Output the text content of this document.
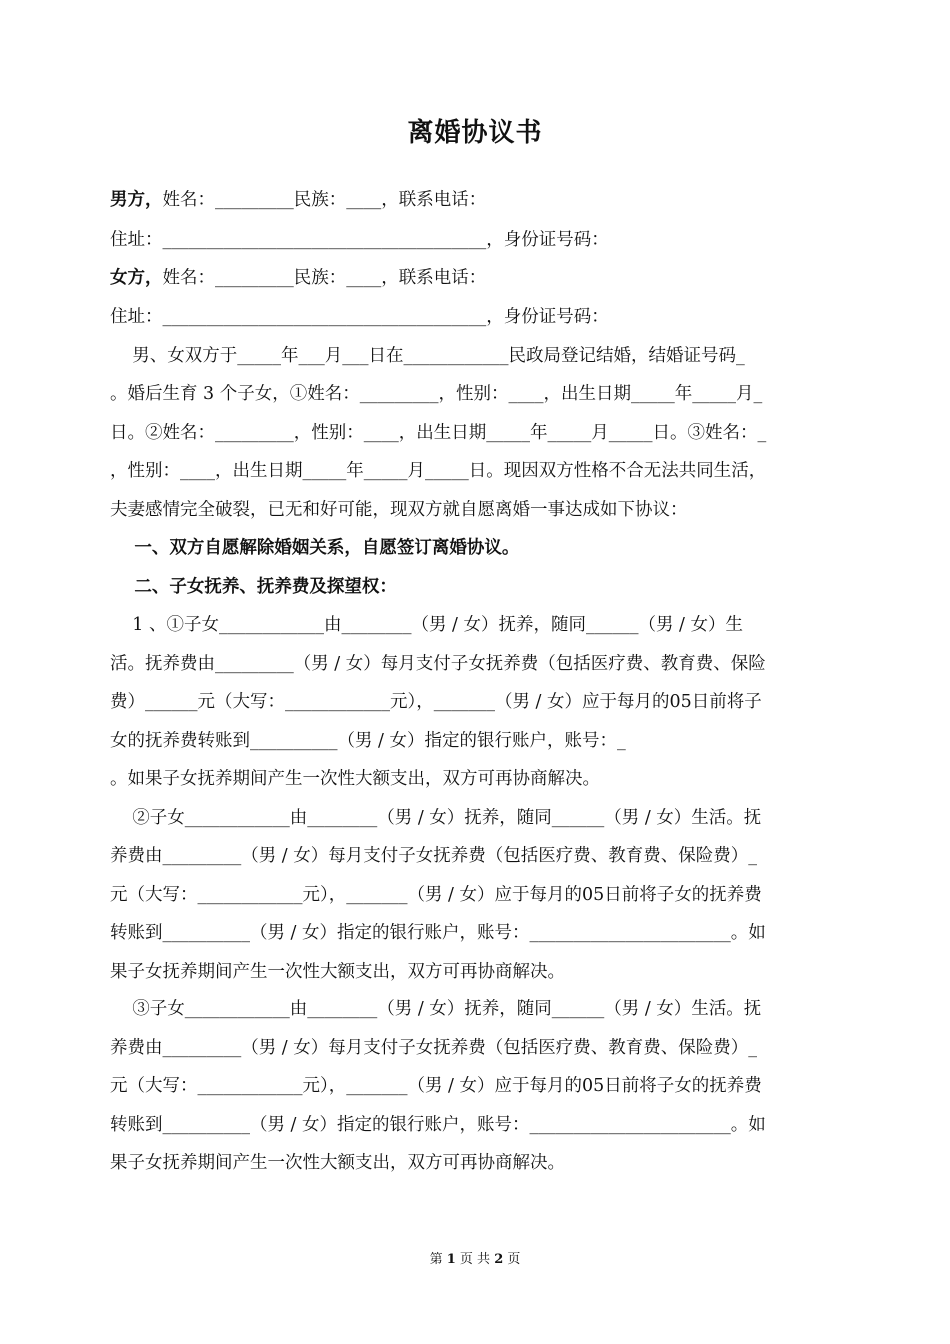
离婚协议书
男方，姓名：_________民族：____，联系电话：
住址：_____________________________________，身份证号码：
女方，姓名：_________民族：____，联系电话：
住址：_____________________________________，身份证号码：
男、女双方于_____年___月___日在____________民政局登记结婚，结婚证号码_
。婚后生育 3 个子女，①姓名：_________，性别：____，出生日期_____年_____月_
日。②姓名：_________，性别：____，出生日期_____年_____月_____日。③姓名：_
，性别：____，出生日期_____年_____月_____日。现因双方性格不合无法共同生活，
夫妻感情完全破裂，已无和好可能，现双方就自愿离婚一事达成如下协议：
一、双方自愿解除婚姻关系，自愿签订离婚协议。
二、子女抚养、抚养费及探望权：
1 、①子女____________由________（男 / 女）抚养，随同______（男 / 女）生
活。抚养费由_________（男 / 女）每月支付子女抚养费（包括医疗费、教育费、保险
费）______元（大写：____________元），_______（男 / 女）应于每月的05日前将子
女的抚养费转账到__________（男 / 女）指定的银行账户，账号：_
。如果子女抚养期间产生一次性大额支出，双方可再协商解决。
②子女____________由________（男 / 女）抚养，随同______（男 / 女）生活。抚
养费由_________（男 / 女）每月支付子女抚养费（包括医疗费、教育费、保险费）_
元（大写：____________元），_______（男 / 女）应于每月的05日前将子女的抚养费
转账到__________（男 / 女）指定的银行账户，账号：_______________________。如
果子女抚养期间产生一次性大额支出，双方可再协商解决。
③子女____________由________（男 / 女）抚养，随同______（男 / 女）生活。抚
养费由_________（男 / 女）每月支付子女抚养费（包括医疗费、教育费、保险费）_
元（大写：____________元），_______（男 / 女）应于每月的05日前将子女的抚养费
转账到__________（男 / 女）指定的银行账户，账号：_______________________。如
果子女抚养期间产生一次性大额支出，双方可再协商解决。
第 1 页 共 2 页
